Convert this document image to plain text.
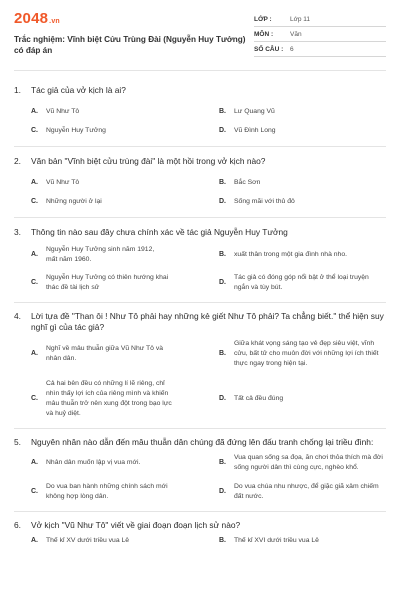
2048.vn
Trắc nghiệm: Vĩnh biệt Cửu Trùng Đài (Nguyễn Huy Tưởng) có đáp án
LỚP :	Lớp 11
MÔN :	Văn
SỐ CÂU :	6
1.	Tác giả của vở kịch là ai?
A.	Vũ Như Tô	B.	Lư Quang Vũ
C.	Nguyễn Huy Tưởng	D.	Vũ Đình Long
2.	Văn bản "Vĩnh biệt cửu trùng đài" là một hồi trong vở kịch nào?
A.	Vũ Như Tô	B.	Bắc Sơn
C.	Những người ở lại	D.	Sống mãi với thủ đô
3.	Thông tin nào sau đây chưa chính xác về tác giả Nguyễn Huy Tưởng
A.
Nguyễn Huy Tưởng sinh năm 1912, mất năm 1960.
B.	xuất thân trong một gia đình nhà nho.
C.
Nguyễn Huy Tưởng có thiên hướng khai thác đề tài lịch sử
D.
Tác giả có đóng góp nổi bật ở thể loại truyện ngắn và tùy bút.
4.	Lời tựa đề "Than ôi ! Như Tô phải hay những kẻ giết Như Tô phải? Ta chẳng biết." thể hiện suy nghĩ gì của tác giả?
A.
Nghĩ về mâu thuẫn giữa Vũ Như Tô và nhân dân.
B.
Giữa khát vọng sáng tạo vẻ đẹp siêu việt, vĩnh cửu, bất tử cho muôn đời với những lợi ích thiết thực ngay trong hiện tại.
C.
Cả hai bên đều có những lí lẽ riêng, chỉ nhìn thấy lợi ích của riêng mình và khiến mâu thuẫn trở nên xung đột trong bạo lực và huỷ diệt.
D.	Tất cả đều đúng
5.	Nguyên nhân nào dẫn đến mâu thuẫn dân chúng đã đứng lên đấu tranh chống lại triều đình:
A.	Nhân dân muốn lập vị vua mới.	B.
Vua quan sống sa đọa, ăn chơi thỏa thích mà đời sống người dân thì cùng cực, nghèo khổ.
C.
Do vua ban hành những chính sách mới không hợp lòng dân.
D.
Do vua chúa nhu nhược, để giặc giã xâm chiếm đất nước.
6.	Vở kịch "Vũ Như Tô" viết về giai đoạn đoạn lịch sử nào?
A.	Thế kỉ XV dưới triều vua Lê	B.	Thế kỉ XVI dưới triều vua Lê
